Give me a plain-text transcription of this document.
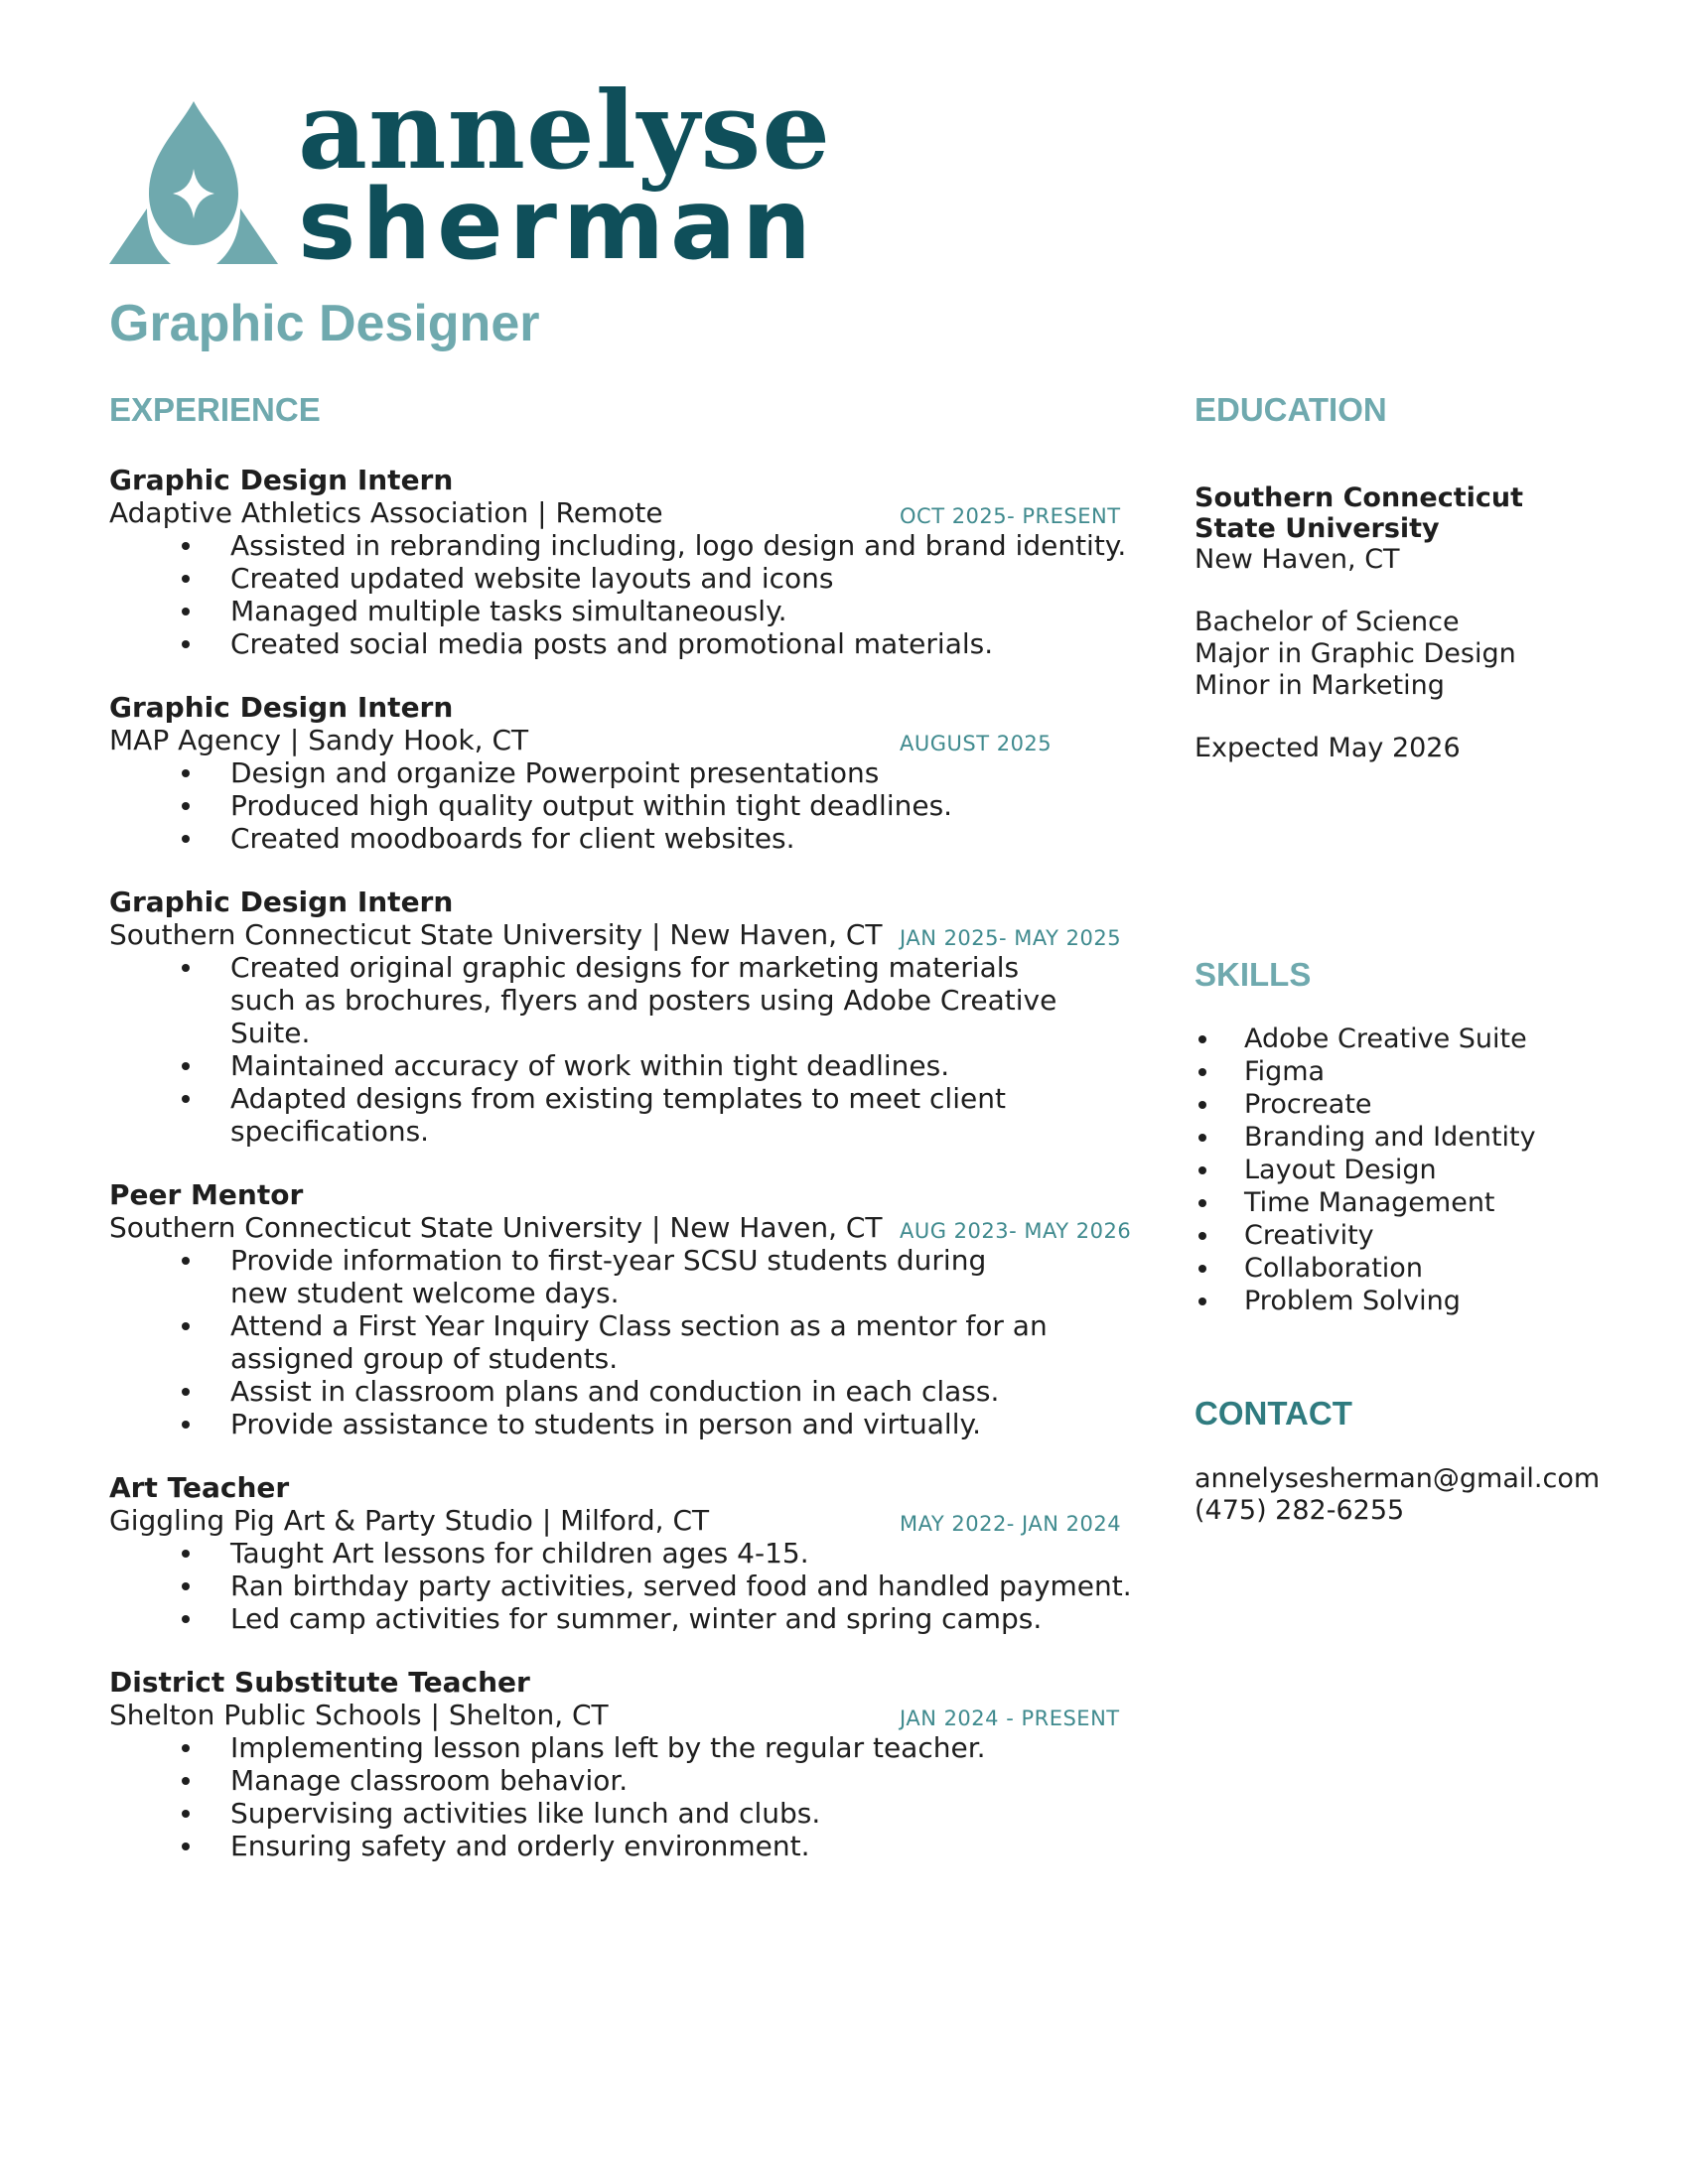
annelyse
sherman
Graphic Designer
EXPERIENCE

Graphic Design Intern

Adaptive Athletics Association | Remote	OCT 2025- PRESENT
Assisted in rebranding including, logo design and brand identity.
Created updated website layouts and icons
Managed multiple tasks simultaneously.
Created social media posts and promotional materials.

Graphic Design Intern

MAP Agency | Sandy Hook, CT	AUGUST 2025
Design and organize Powerpoint presentations
Produced high quality output within tight deadlines.
Created moodboards for client websites.

Graphic Design Intern

Southern Connecticut State University | New Haven, CT JAN 2025- MAY 2025
Created original graphic designs for marketing materials such as brochures, flyers and posters using Adobe Creative Suite.
Maintained accuracy of work within tight deadlines.
Adapted designs from existing templates to meet client specifications.

Peer Mentor

Southern Connecticut State University | New Haven, CT AUG 2023- MAY 2026
Provide information to first-year SCSU students during new student welcome days.
Attend a First Year Inquiry Class section as a mentor for an assigned group of students.
Assist in classroom plans and conduction in each class.
Provide assistance to students in person and virtually.

Art Teacher

Giggling Pig Art & Party Studio | Milford, CT	MAY 2022- JAN 2024
Taught Art lessons for children ages 4-15.
Ran birthday party activities, served food and handled payment.
Led camp activities for summer, winter and spring camps.

District Substitute Teacher

Shelton Public Schools | Shelton, CT	JAN 2024 - PRESENT
Implementing lesson plans left by the regular teacher.
Manage classroom behavior.
Supervising activities like lunch and clubs.
Ensuring safety and orderly environment.
EDUCATION

Southern Connecticut

State University

New Haven, CT

Bachelor of Science

Major in Graphic Design

Minor in Marketing

Expected May 2026

SKILLS
Adobe Creative Suite
Figma
Procreate
Branding and Identity
Layout Design
Time Management
Creativity
Collaboration
Problem Solving
CONTACT

annelysesherman@gmail.com

(475) 282-6255
